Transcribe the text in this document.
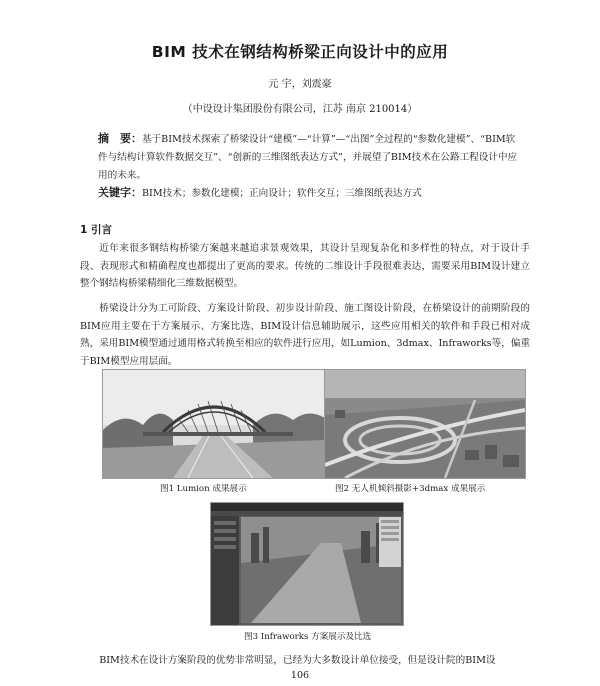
BIM 技术在钢结构桥梁正向设计中的应用
元 宇，刘震豪
（中设设计集团股份有限公司，江苏 南京 210014）
摘　要：基于BIM技术探索了桥梁设计“建模”—“计算”—“出图”全过程的“参数化建模”、“BIM软件与结构计算软件数据交互”、“创新的三维图纸表达方式”，并展望了BIM技术在公路工程设计中应用的未来。
关键字：BIM技术；参数化建模；正向设计；软件交互；三维图纸表达方式
1 引言
近年来很多钢结构桥梁方案越来越追求景观效果，其设计呈现复杂化和多样性的特点，对于设计手段、表现形式和精确程度也都提出了更高的要求。传统的二维设计手段很难表达，需要采用BIM设计建立整个钢结构桥梁精细化三维数据模型。
桥梁设计分为工可阶段、方案设计阶段、初步设计阶段、施工图设计阶段，在桥梁设计的前期阶段的BIM应用主要在于方案展示、方案比选、BIM设计信息辅助展示，这些应用相关的软件和手段已相对成熟，采用BIM模型通过通用格式转换至相应的软件进行应用，如Lumion、3dmax、Infraworks等，偏重于BIM模型应用层面。
图1 Lumion 成果展示	图2 无人机倾斜摄影+3dmax 成果展示
图3 Infraworks 方案展示及比选
BIM技术在设计方案阶段的优势非常明显，已经为大多数设计单位接受，但是设计院的BIM设
106
